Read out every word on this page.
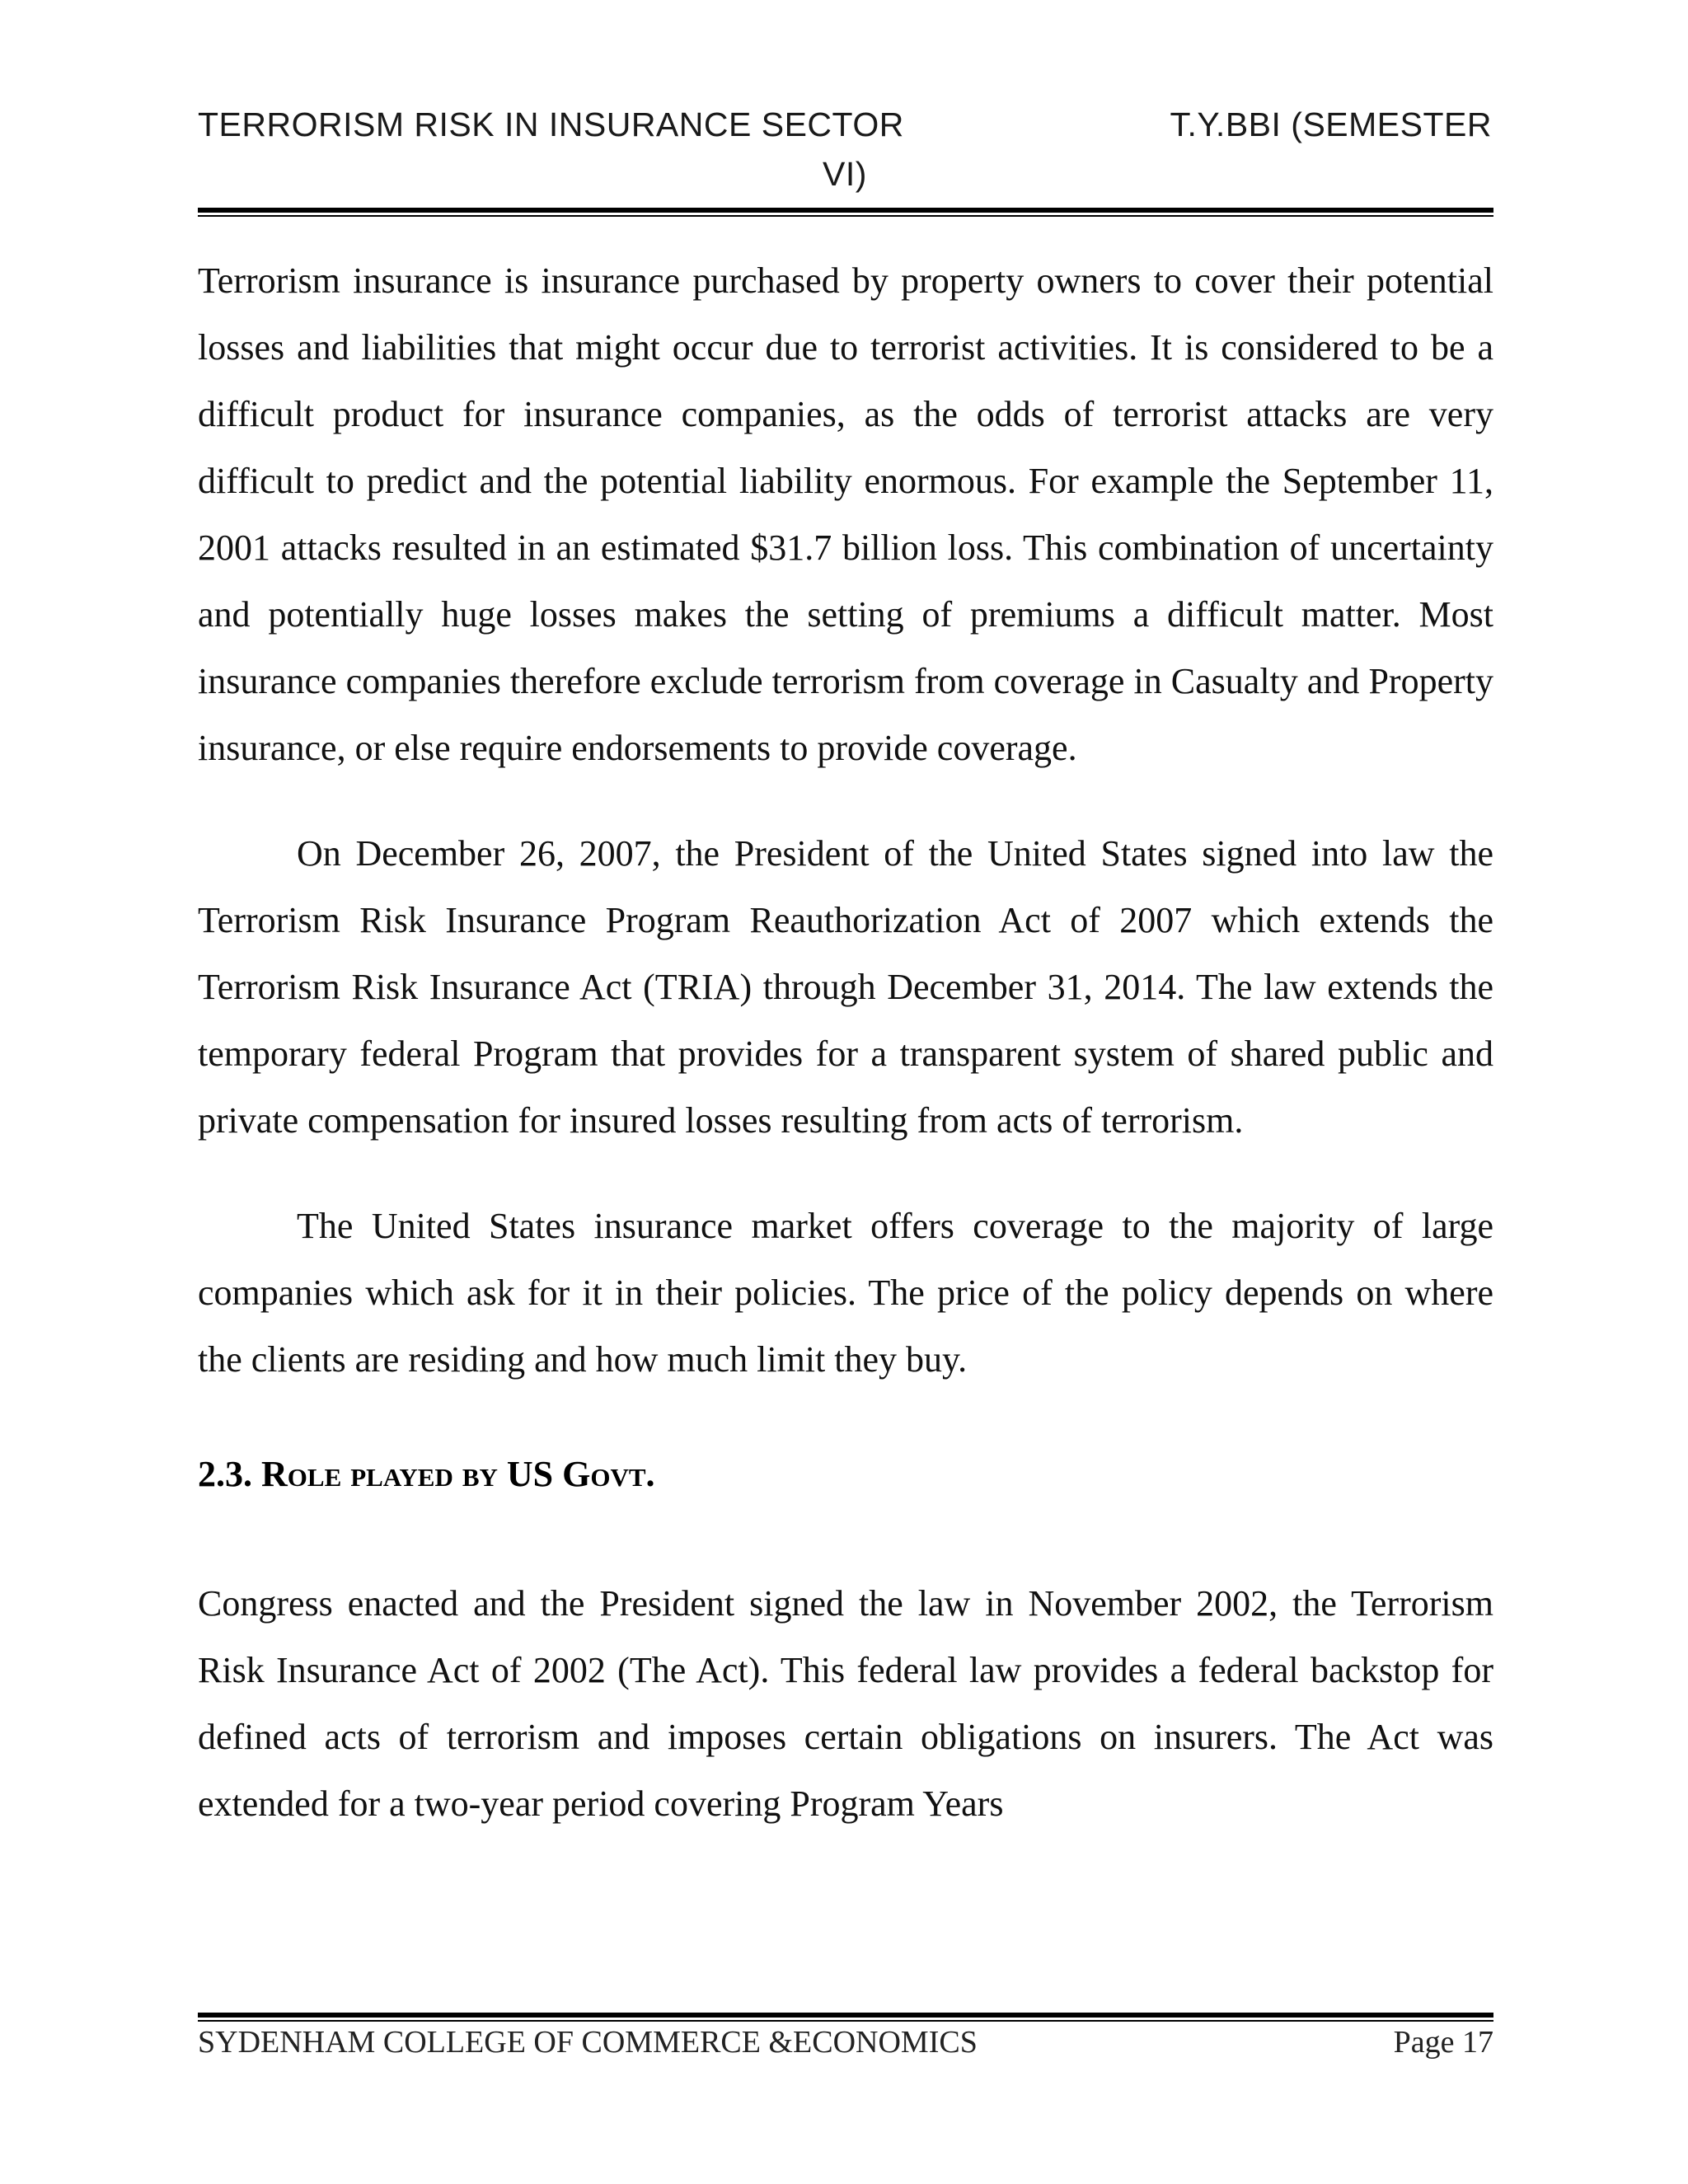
TERRORISM RISK IN INSURANCE SECTOR	T.Y.BBI (SEMESTER
VI)

Terrorism insurance is insurance purchased by property owners to cover their potential losses and liabilities that might occur due to terrorist activities. It is considered to be a difficult product for insurance companies, as the odds of terrorist attacks are very difficult to predict and the potential liability enormous. For example the September 11, 2001 attacks resulted in an estimated $31.7 billion loss. This combination of uncertainty and potentially huge losses makes the setting of premiums a difficult matter. Most insurance companies therefore exclude terrorism from coverage in Casualty and Property insurance, or else require endorsements to provide coverage.

On December 26, 2007, the President of the United States signed into law the Terrorism Risk Insurance Program Reauthorization Act of 2007 which extends the Terrorism Risk Insurance Act (TRIA) through December 31, 2014. The law extends the temporary federal Program that provides for a transparent system of shared public and private compensation for insured losses resulting from acts of terrorism.

The United States insurance market offers coverage to the majority of large companies which ask for it in their policies. The price of the policy depends on where the clients are residing and how much limit they buy.

2.3. Role played by US Govt.

Congress enacted and the President signed the law in November 2002, the Terrorism Risk Insurance Act of 2002 (The Act). This federal law provides a federal backstop for defined acts of terrorism and imposes certain obligations on insurers. The Act was extended for a two-year period covering Program Years

SYDENHAM COLLEGE OF COMMERCE &ECONOMICS	Page 17
